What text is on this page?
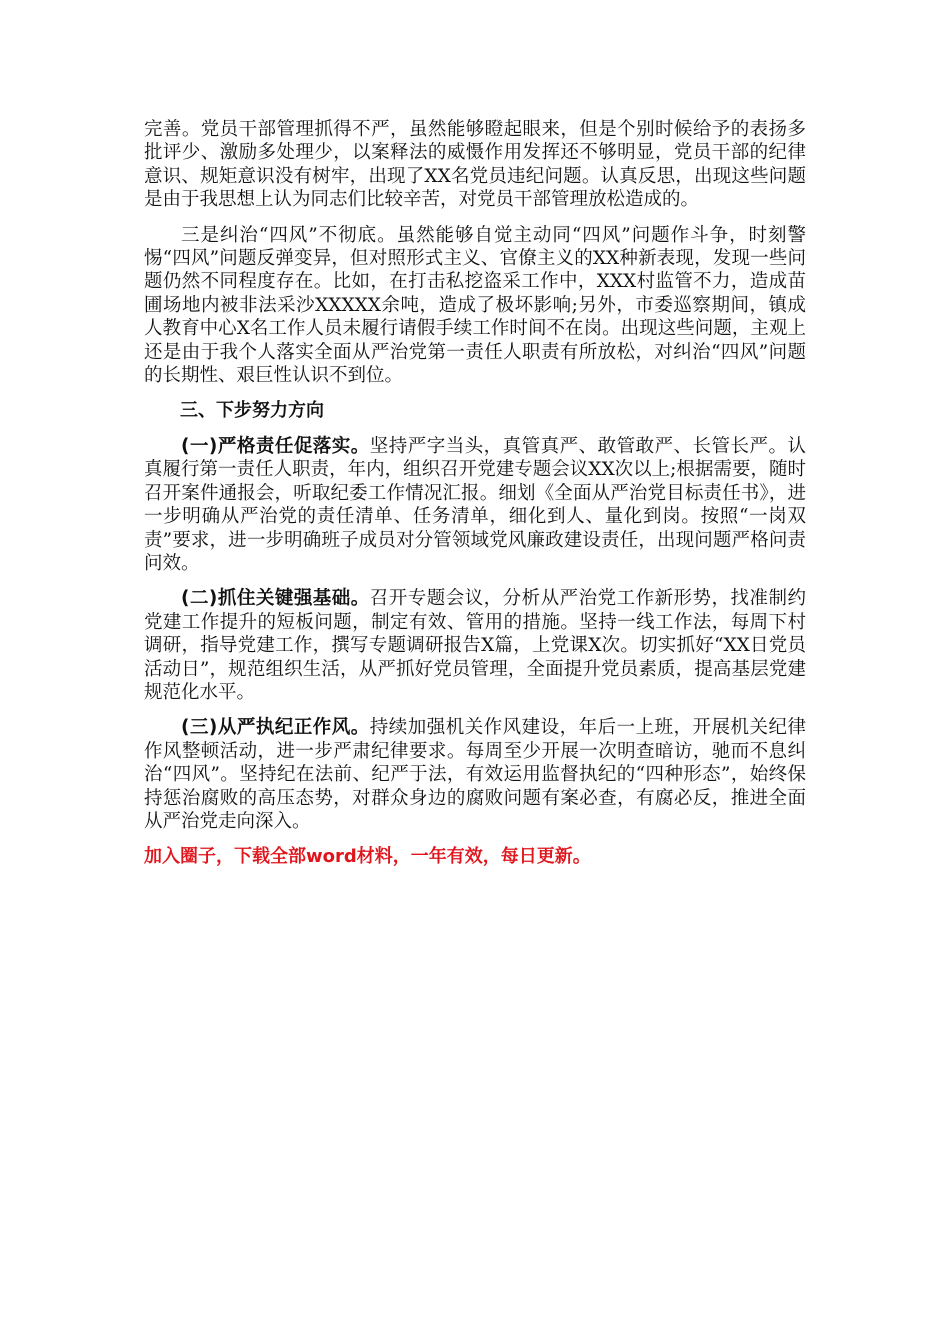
完善。党员干部管理抓得不严，虽然能够瞪起眼来，但是个别时候给予的表扬多批评少、激励多处理少，以案释法的威慑作用发挥还不够明显，党员干部的纪律意识、规矩意识没有树牢，出现了XX名党员违纪问题。认真反思，出现这些问题是由于我思想上认为同志们比较辛苦，对党员干部管理放松造成的。

三是纠治“四风”不彻底。虽然能够自觉主动同“四风”问题作斗争，时刻警惕“四风”问题反弹变异，但对照形式主义、官僚主义的XX种新表现，发现一些问题仍然不同程度存在。比如，在打击私挖盗采工作中，XXX村监管不力，造成苗圃场地内被非法采沙XXXXX余吨，造成了极坏影响;另外，市委巡察期间，镇成人教育中心X名工作人员未履行请假手续工作时间不在岗。出现这些问题，主观上还是由于我个人落实全面从严治党第一责任人职责有所放松，对纠治“四风”问题的长期性、艰巨性认识不到位。

三、下步努力方向

(一)严格责任促落实。坚持严字当头，真管真严、敢管敢严、长管长严。认真履行第一责任人职责，年内，组织召开党建专题会议XX次以上;根据需要，随时召开案件通报会，听取纪委工作情况汇报。细划《全面从严治党目标责任书》，进一步明确从严治党的责任清单、任务清单，细化到人、量化到岗。按照“一岗双责”要求，进一步明确班子成员对分管领域党风廉政建设责任，出现问题严格问责问效。

(二)抓住关键强基础。召开专题会议，分析从严治党工作新形势，找准制约党建工作提升的短板问题，制定有效、管用的措施。坚持一线工作法，每周下村调研，指导党建工作，撰写专题调研报告X篇，上党课X次。切实抓好“XX日党员活动日”，规范组织生活，从严抓好党员管理，全面提升党员素质，提高基层党建规范化水平。

(三)从严执纪正作风。持续加强机关作风建设，年后一上班，开展机关纪律作风整顿活动，进一步严肃纪律要求。每周至少开展一次明查暗访，驰而不息纠治“四风”。坚持纪在法前、纪严于法，有效运用监督执纪的“四种形态”，始终保持惩治腐败的高压态势，对群众身边的腐败问题有案必查，有腐必反，推进全面从严治党走向深入。

加入圈子，下载全部word材料，一年有效，每日更新。
